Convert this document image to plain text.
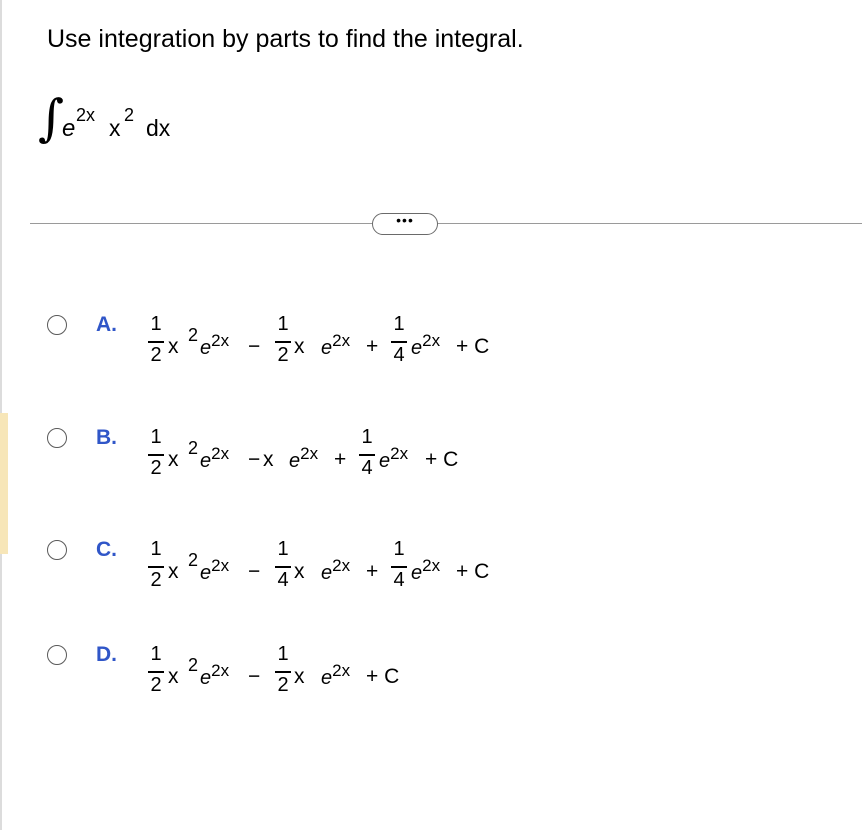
Use integration by parts to find the integral.
∫
e 2x x 2 dx
•••
A. 1
2 x 2
$e^{2x}$ −
1
2 x $e^{2x}$ +
1
4 $e^{2x} + C$
B. 1
2 x 2
$e^{2x} - x$ $e^{2x}$ +
1
4 $e^{2x} + C$
C. 1
2 x 2
$e^{2x}$ −
1
4 x $e^{2x}$ +
1
4 $e^{2x} + C$
D. 1
2 x 2
$e^{2x}$ −
1
2 x $e^{2x} + C$
